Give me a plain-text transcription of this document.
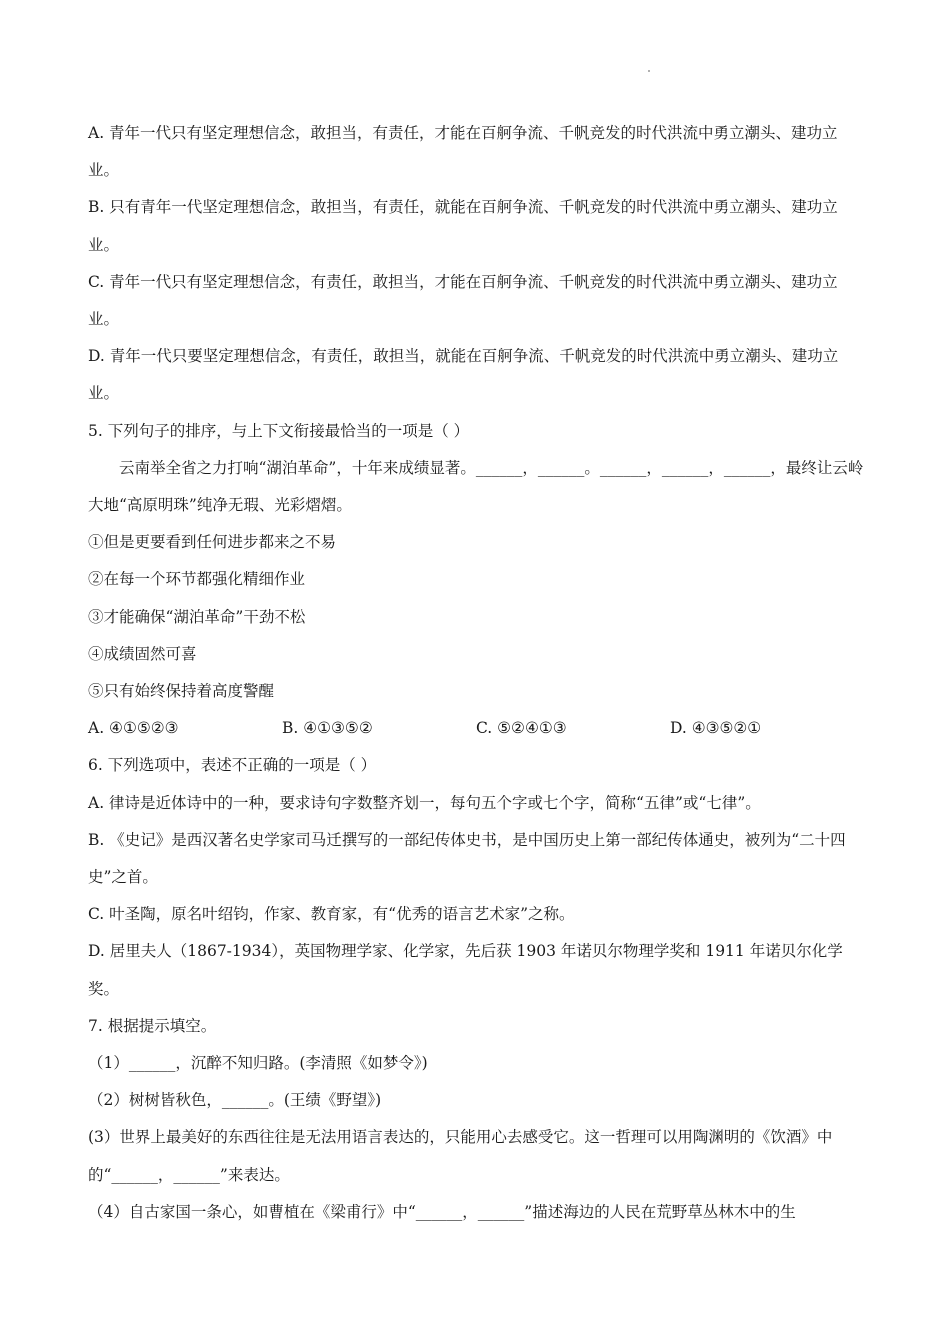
A. 青年一代只有坚定理想信念，敢担当，有责任，才能在百舸争流、千帆竞发的时代洪流中勇立潮头、建功立业。

B. 只有青年一代坚定理想信念，敢担当，有责任，就能在百舸争流、千帆竞发的时代洪流中勇立潮头、建功立业。

C. 青年一代只有坚定理想信念，有责任，敢担当，才能在百舸争流、千帆竞发的时代洪流中勇立潮头、建功立业。

D. 青年一代只要坚定理想信念，有责任，敢担当，就能在百舸争流、千帆竞发的时代洪流中勇立潮头、建功立业。

5. 下列句子的排序，与上下文衔接最恰当的一项是（ ）

云南举全省之力打响“湖泊革命”，十年来成绩显著。______，______。______，______，______，最终让云岭大地“高原明珠”纯净无瑕、光彩熠熠。

①但是更要看到任何进步都来之不易

②在每一个环节都强化精细作业

③才能确保“湖泊革命”干劲不松

④成绩固然可喜

⑤只有始终保持着高度警醒

A. ④①⑤②③	B. ④①③⑤②	C. ⑤②④①③	D. ④③⑤②①

6. 下列选项中，表述不正确的一项是（ ）

A. 律诗是近体诗中的一种，要求诗句字数整齐划一，每句五个字或七个字，简称“五律”或“七律”。

B. 《史记》是西汉著名史学家司马迁撰写的一部纪传体史书，是中国历史上第一部纪传体通史，被列为“二十四史”之首。

C. 叶圣陶，原名叶绍钧，作家、教育家，有“优秀的语言艺术家”之称。

D. 居里夫人（1867-1934），英国物理学家、化学家，先后获 1903 年诺贝尔物理学奖和 1911 年诺贝尔化学奖。

7. 根据提示填空。

（1）______，沉醉不知归路。(李清照《如梦令》)

（2）树树皆秋色，______。(王绩《野望》)

(3）世界上最美好的东西往往是无法用语言表达的，只能用心去感受它。这一哲理可以用陶渊明的《饮酒》中的“______，______”来表达。

（4）自古家国一条心，如曹植在《梁甫行》中“______，______”描述海边的人民在荒野草丛林木中的生
